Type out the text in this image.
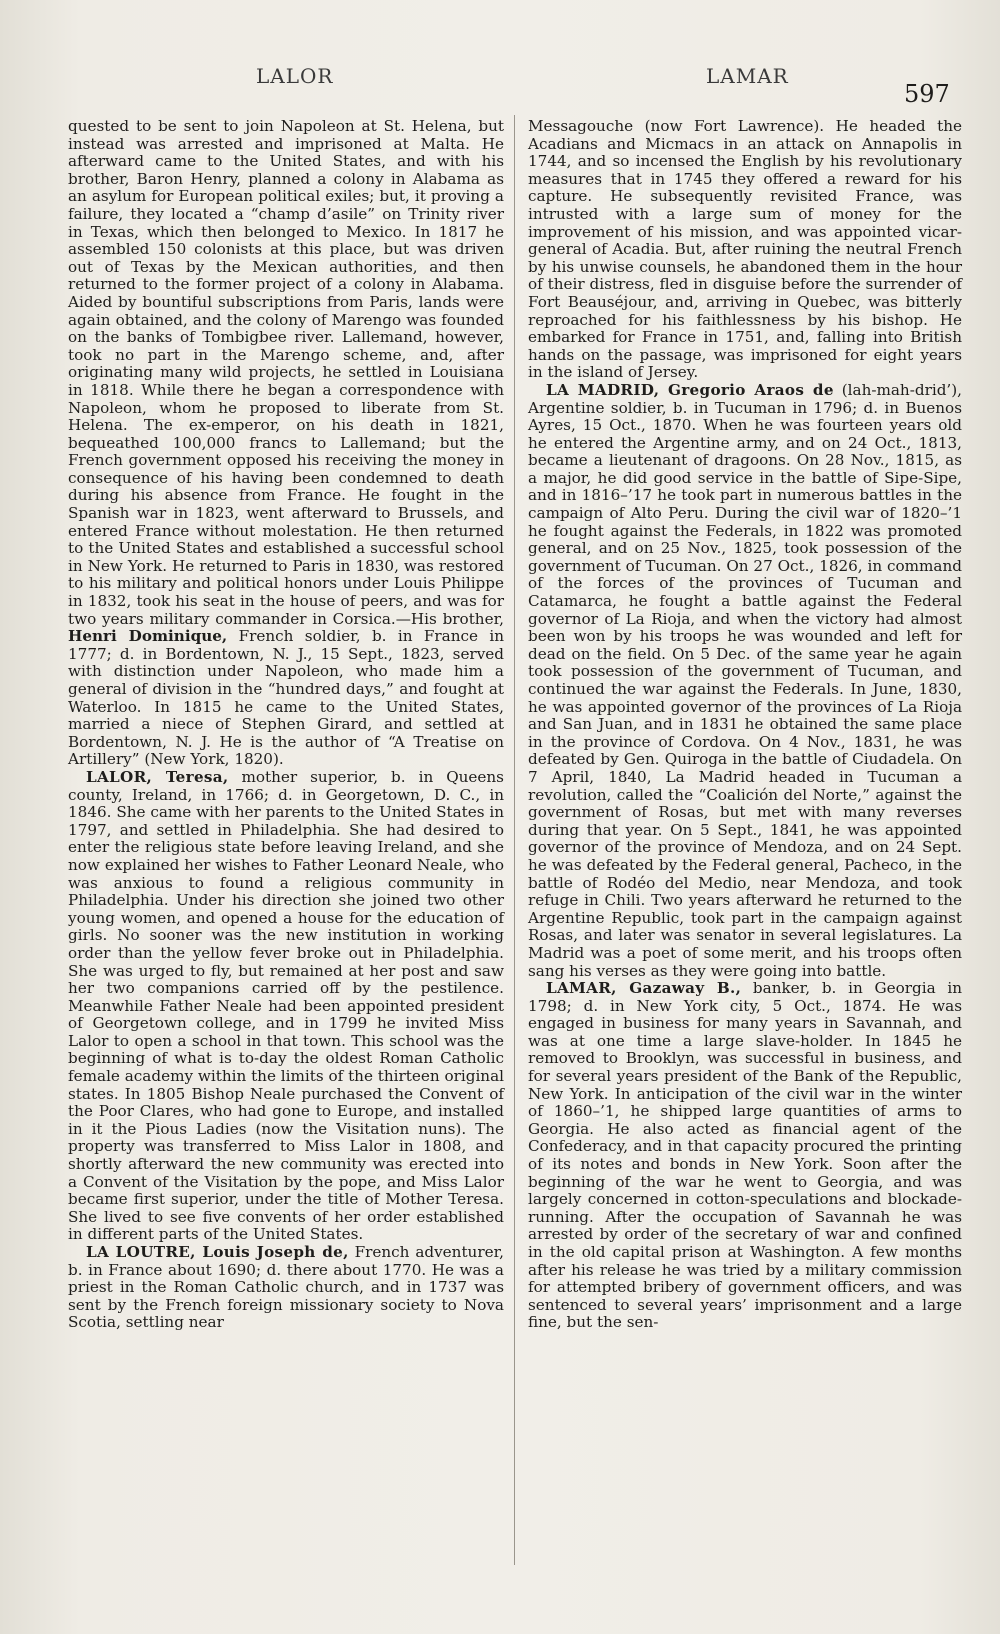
LALOR	LAMAR
597

quested to be sent to join Napoleon at St. Helena, but instead was arrested and imprisoned at Malta. He afterward came to the United States, and with his brother, Baron Henry, planned a colony in Alabama as an asylum for European political exiles; but, it proving a failure, they located a “champ d’asile” on Trinity river in Texas, which then belonged to Mexico. In 1817 he assembled 150 colonists at this place, but was driven out of Texas by the Mexican authorities, and then returned to the former project of a colony in Alabama. Aided by bountiful subscriptions from Paris, lands were again obtained, and the colony of Marengo was founded on the banks of Tombigbee river. Lallemand, however, took no part in the Marengo scheme, and, after originating many wild projects, he settled in Louisiana in 1818. While there he began a correspondence with Napoleon, whom he proposed to liberate from St. Helena. The ex-emperor, on his death in 1821, bequeathed 100,000 francs to Lallemand; but the French government opposed his receiving the money in consequence of his having been condemned to death during his absence from France. He fought in the Spanish war in 1823, went afterward to Brussels, and entered France without molestation. He then returned to the United States and established a successful school in New York. He returned to Paris in 1830, was restored to his military and political honors under Louis Philippe in 1832, took his seat in the house of peers, and was for two years military commander in Corsica.—His brother, Henri Dominique, French soldier, b. in France in 1777; d. in Bordentown, N. J., 15 Sept., 1823, served with distinction under Napoleon, who made him a general of division in the “hundred days,” and fought at Waterloo. In 1815 he came to the United States, married a niece of Stephen Girard, and settled at Bordentown, N. J. He is the author of “A Treatise on Artillery” (New York, 1820).

LALOR, Teresa, mother superior, b. in Queens county, Ireland, in 1766; d. in Georgetown, D. C., in 1846. She came with her parents to the United States in 1797, and settled in Philadelphia. She had desired to enter the religious state before leaving Ireland, and she now explained her wishes to Father Leonard Neale, who was anxious to found a religious community in Philadelphia. Under his direction she joined two other young women, and opened a house for the education of girls. No sooner was the new institution in working order than the yellow fever broke out in Philadelphia. She was urged to fly, but remained at her post and saw her two companions carried off by the pestilence. Meanwhile Father Neale had been appointed president of Georgetown college, and in 1799 he invited Miss Lalor to open a school in that town. This school was the beginning of what is to-day the oldest Roman Catholic female academy within the limits of the thirteen original states. In 1805 Bishop Neale purchased the Convent of the Poor Clares, who had gone to Europe, and installed in it the Pious Ladies (now the Visitation nuns). The property was transferred to Miss Lalor in 1808, and shortly afterward the new community was erected into a Convent of the Visitation by the pope, and Miss Lalor became first superior, under the title of Mother Teresa. She lived to see five convents of her order established in different parts of the United States.

LA LOUTRE, Louis Joseph de, French adventurer, b. in France about 1690; d. there about 1770. He was a priest in the Roman Catholic church, and in 1737 was sent by the French foreign missionary society to Nova Scotia, settling near

Messagouche (now Fort Lawrence). He headed the Acadians and Micmacs in an attack on Annapolis in 1744, and so incensed the English by his revolutionary measures that in 1745 they offered a reward for his capture. He subsequently revisited France, was intrusted with a large sum of money for the improvement of his mission, and was appointed vicar-general of Acadia. But, after ruining the neutral French by his unwise counsels, he abandoned them in the hour of their distress, fled in disguise before the surrender of Fort Beauséjour, and, arriving in Quebec, was bitterly reproached for his faithlessness by his bishop. He embarked for France in 1751, and, falling into British hands on the passage, was imprisoned for eight years in the island of Jersey.

LA MADRID, Gregorio Araos de (lah-mah-drid’), Argentine soldier, b. in Tucuman in 1796; d. in Buenos Ayres, 15 Oct., 1870. When he was fourteen years old he entered the Argentine army, and on 24 Oct., 1813, became a lieutenant of dragoons. On 28 Nov., 1815, as a major, he did good service in the battle of Sipe-Sipe, and in 1816–’17 he took part in numerous battles in the campaign of Alto Peru. During the civil war of 1820–’1 he fought against the Federals, in 1822 was promoted general, and on 25 Nov., 1825, took possession of the government of Tucuman. On 27 Oct., 1826, in command of the forces of the provinces of Tucuman and Catamarca, he fought a battle against the Federal governor of La Rioja, and when the victory had almost been won by his troops he was wounded and left for dead on the field. On 5 Dec. of the same year he again took possession of the government of Tucuman, and continued the war against the Federals. In June, 1830, he was appointed governor of the provinces of La Rioja and San Juan, and in 1831 he obtained the same place in the province of Cordova. On 4 Nov., 1831, he was defeated by Gen. Quiroga in the battle of Ciudadela. On 7 April, 1840, La Madrid headed in Tucuman a revolution, called the “Coalición del Norte,” against the government of Rosas, but met with many reverses during that year. On 5 Sept., 1841, he was appointed governor of the province of Mendoza, and on 24 Sept. he was defeated by the Federal general, Pacheco, in the battle of Rodéo del Medio, near Mendoza, and took refuge in Chili. Two years afterward he returned to the Argentine Republic, took part in the campaign against Rosas, and later was senator in several legislatures. La Madrid was a poet of some merit, and his troops often sang his verses as they were going into battle.

LAMAR, Gazaway B., banker, b. in Georgia in 1798; d. in New York city, 5 Oct., 1874. He was engaged in business for many years in Savannah, and was at one time a large slave-holder. In 1845 he removed to Brooklyn, was successful in business, and for several years president of the Bank of the Republic, New York. In anticipation of the civil war in the winter of 1860–’1, he shipped large quantities of arms to Georgia. He also acted as financial agent of the Confederacy, and in that capacity procured the printing of its notes and bonds in New York. Soon after the beginning of the war he went to Georgia, and was largely concerned in cotton-speculations and blockade-running. After the occupation of Savannah he was arrested by order of the secretary of war and confined in the old capital prison at Washington. A few months after his release he was tried by a military commission for attempted bribery of government officers, and was sentenced to several years’ imprisonment and a large fine, but the sen-
